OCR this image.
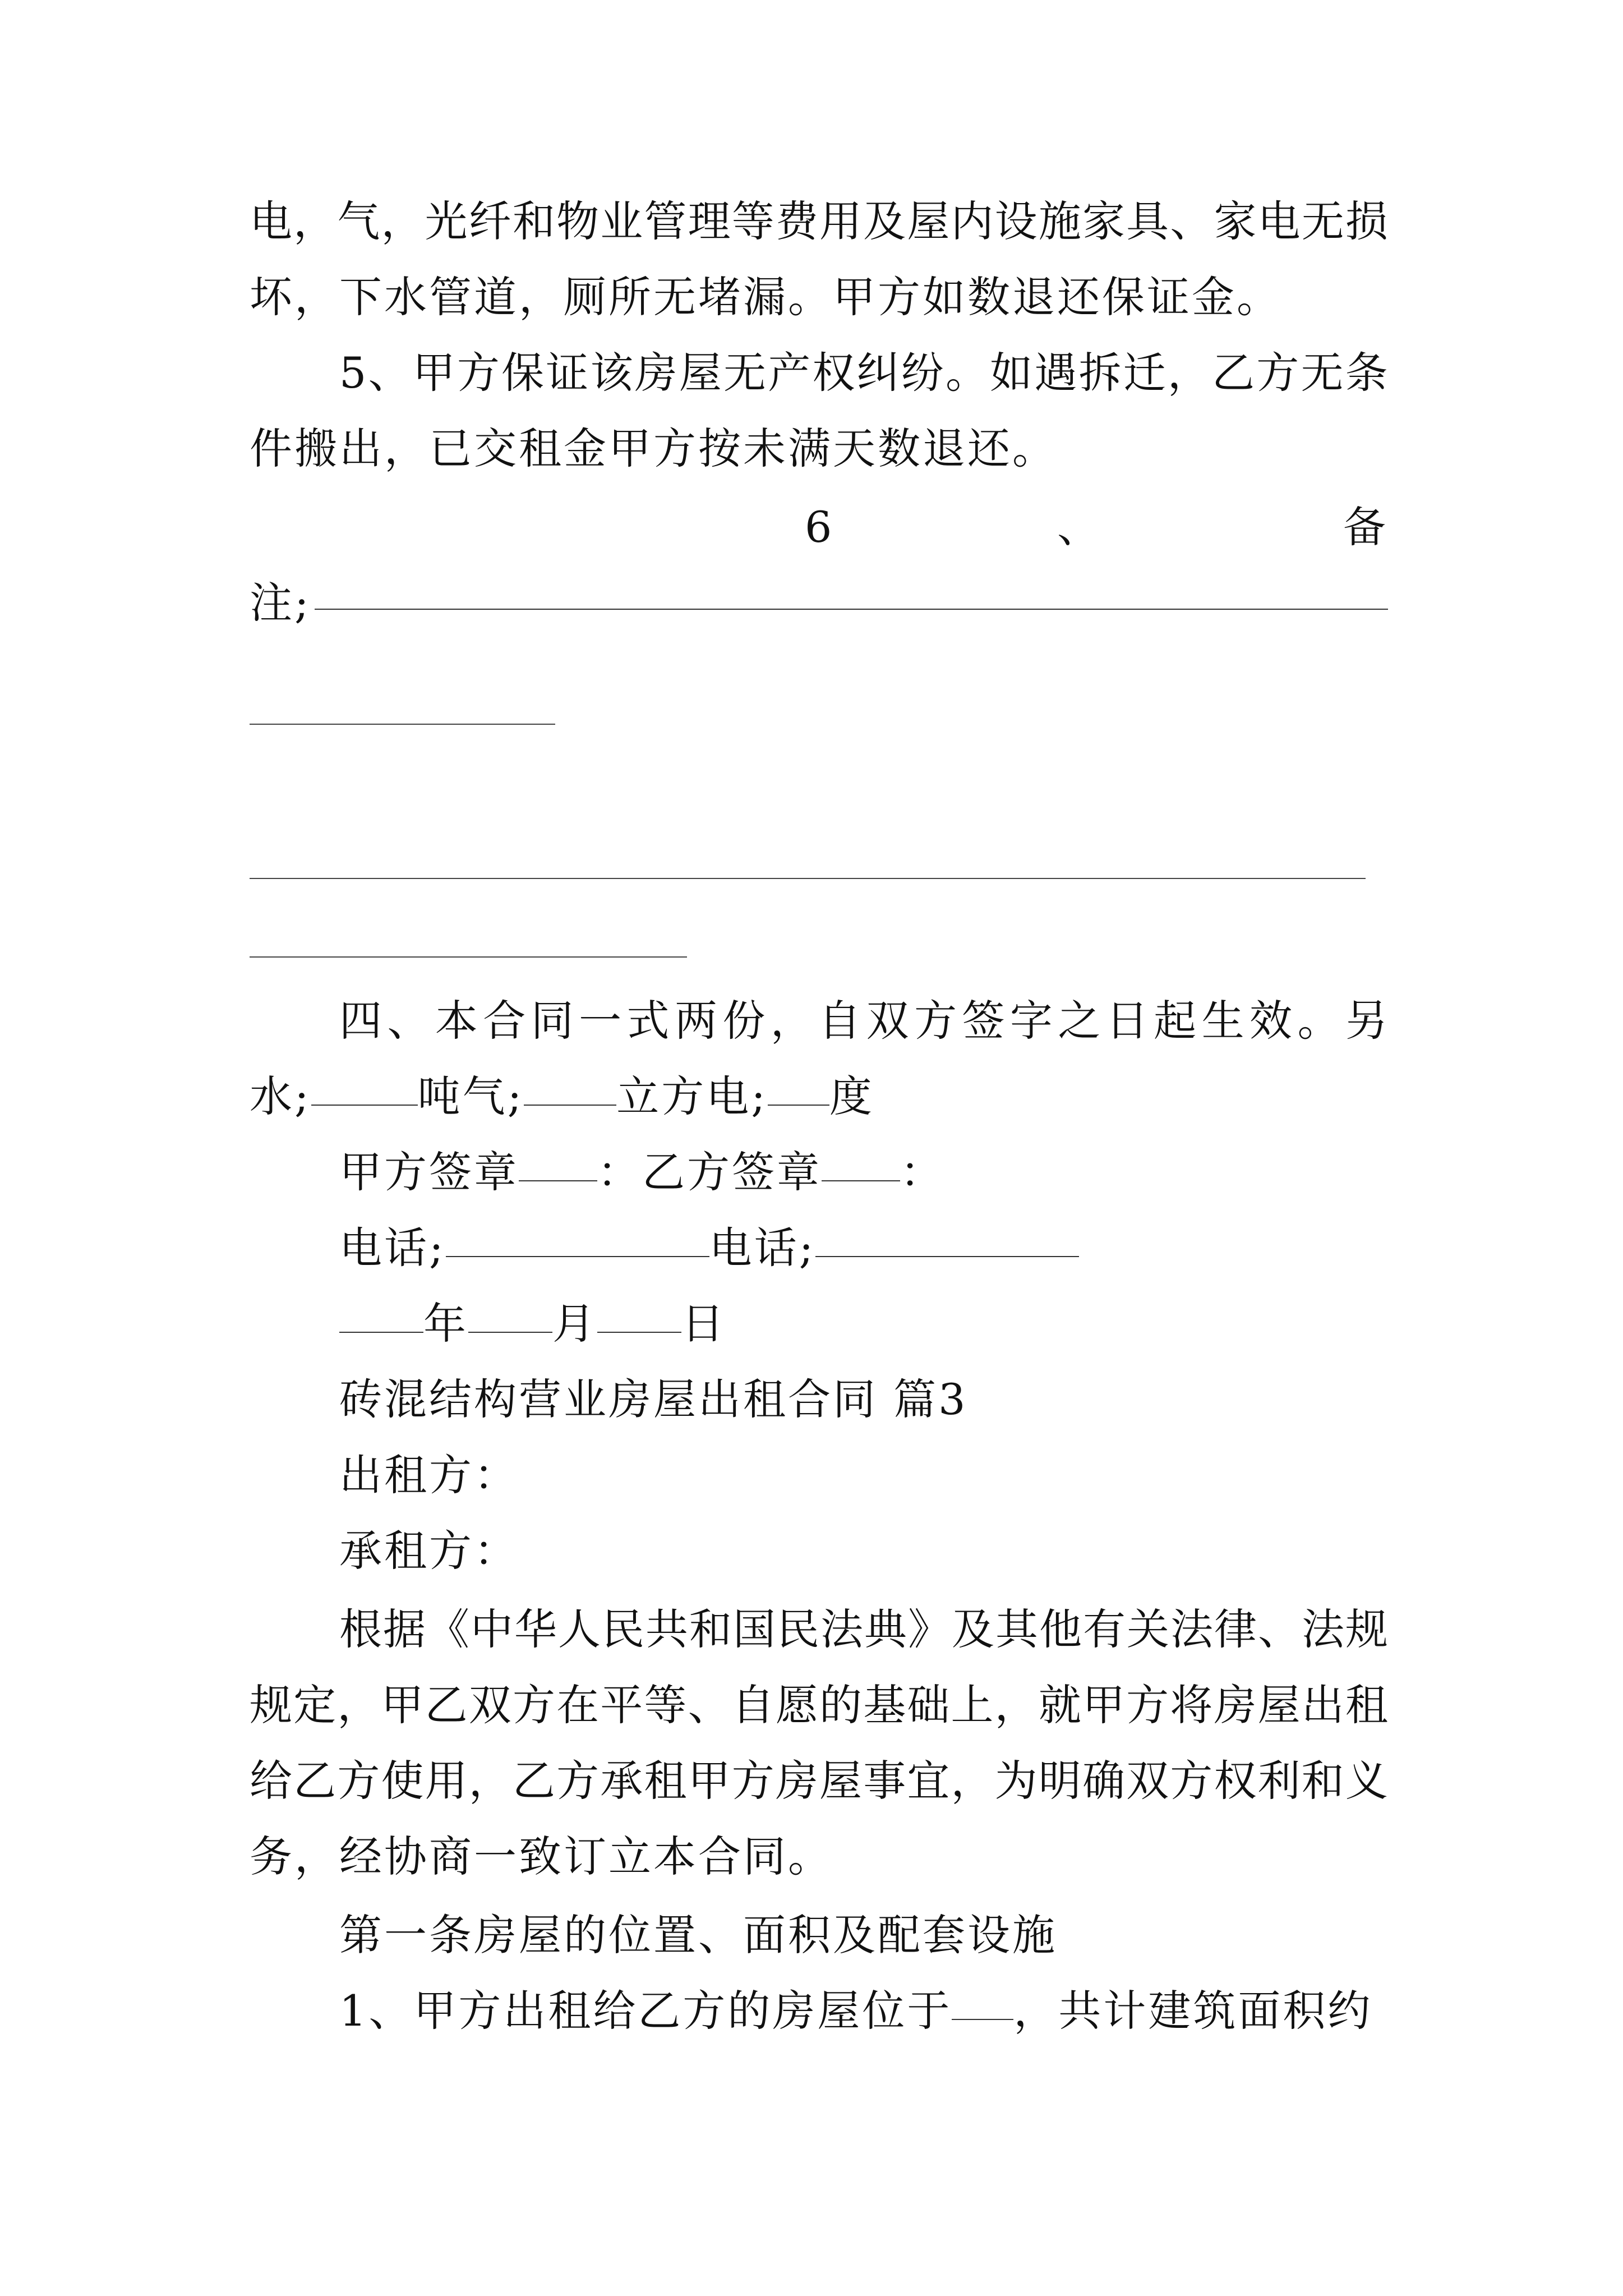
电 ， 气 ， 光 纤 和 物 业 管 理 等 费 用 及 屋 内 设 施 家 具 、 家 电 无 损
坏，下水管道，厕所无堵漏。甲方如数退还保证金。
5 、 甲 方 保 证 该 房 屋 无 产 权 纠 纷 。 如 遇 拆 迁 ， 乙 方 无 条
件搬出，已交租金甲方按未满天数退还。
6	、	备
注;
四 、 本 合 同 一 式 两 份 ， 自 双 方 签 字 之 日 起 生 效 。 另
水;	吨气; 立方电; 度
甲方签章 ：乙方签章 ：
电话;	电话;
年 月 日
砖混结构营业房屋出租合同 篇3
出租方：
承租方：
根 据 《 中 华 人 民 共 和 国 民 法 典 》 及 其 他 有 关 法 律 、 法 规
规 定 ， 甲 乙 双 方 在 平 等 、 自 愿 的 基 础 上 ， 就 甲 方 将 房 屋 出 租
给 乙 方 使 用 ， 乙 方 承 租 甲 方 房 屋 事 宜 ， 为 明 确 双 方 权 利 和 义
务，经协商一致订立本合同。
第一条房屋的位置、面积及配套设施
1、甲方出租给乙方的房屋位于 ，共计建筑面积约
